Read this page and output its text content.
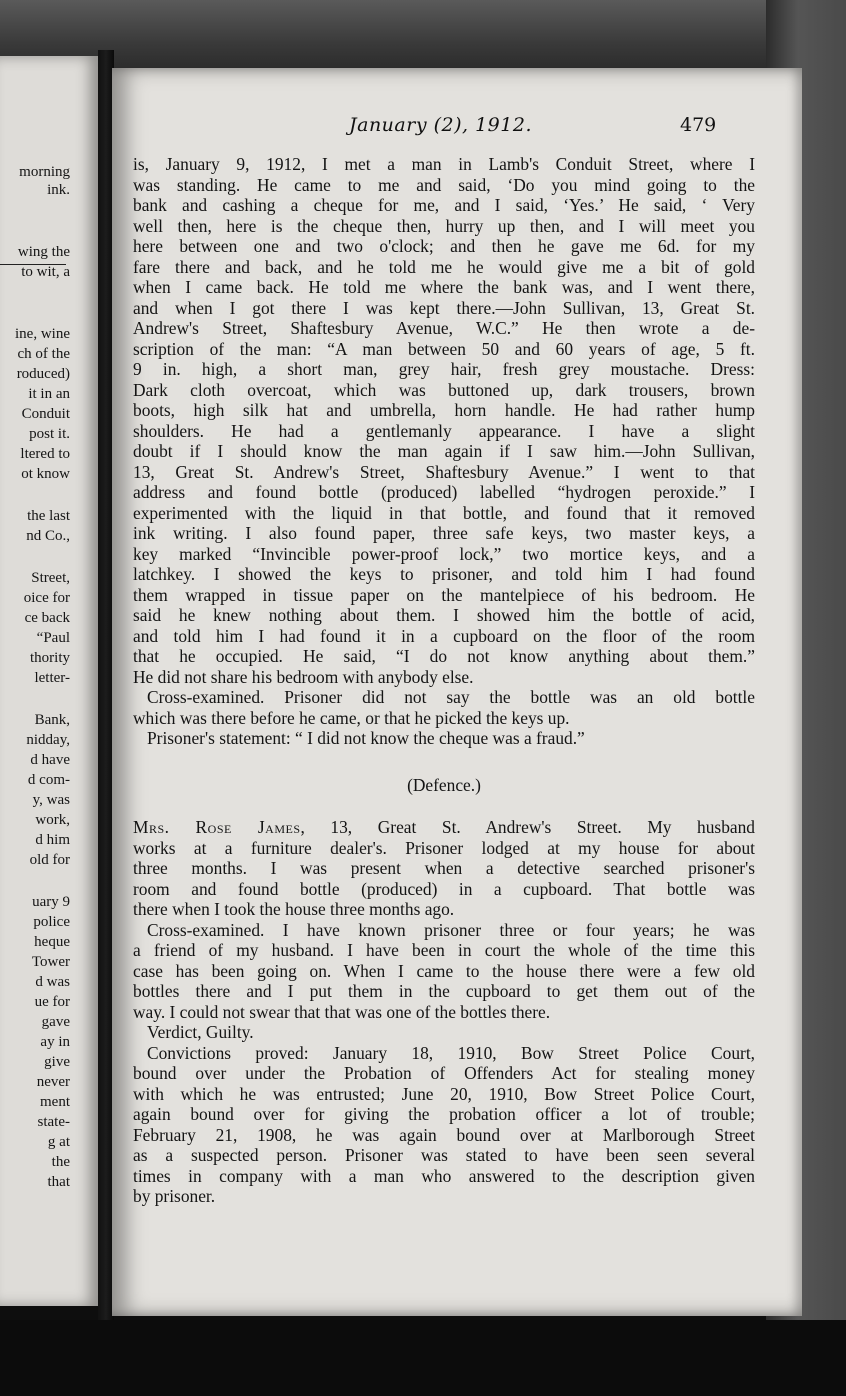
morning
ink.
wing the
to wit, a
ine, wine
ch of the
roduced)
it in an
Conduit
post it.
ltered to
ot know
the last
nd Co.,
Street,
oice for
ce back
“Paul
thority
letter-
Bank,
nidday,
d have
d com-
y, was
work,
d him
old for
uary 9
police
heque
Tower
d was
ue for
gave
ay in
give
never
ment
state-
g at
the
that
January (2), 1912.	479
is, January 9, 1912, I met a man in Lamb's Conduit Street, where I
was standing. He came to me and said, ‘Do you mind going to the
bank and cashing a cheque for me, and I said, ‘Yes.’ He said, ‘ Very
well then, here is the cheque then, hurry up then, and I will meet you
here between one and two o'clock; and then he gave me 6d. for my
fare there and back, and he told me he would give me a bit of gold
when I came back. He told me where the bank was, and I went there,
and when I got there I was kept there.—John Sullivan, 13, Great St.
Andrew's Street, Shaftesbury Avenue, W.C.” He then wrote a de-
scription of the man: “A man between 50 and 60 years of age, 5 ft.
9 in. high, a short man, grey hair, fresh grey moustache. Dress:
Dark cloth overcoat, which was buttoned up, dark trousers, brown
boots, high silk hat and umbrella, horn handle. He had rather hump
shoulders. He had a gentlemanly appearance. I have a slight
doubt if I should know the man again if I saw him.—John Sullivan,
13, Great St. Andrew's Street, Shaftesbury Avenue.” I went to that
address and found bottle (produced) labelled “hydrogen peroxide.” I
experimented with the liquid in that bottle, and found that it removed
ink writing. I also found paper, three safe keys, two master keys, a
key marked “Invincible power-proof lock,” two mortice keys, and a
latchkey. I showed the keys to prisoner, and told him I had found
them wrapped in tissue paper on the mantelpiece of his bedroom. He
said he knew nothing about them. I showed him the bottle of acid,
and told him I had found it in a cupboard on the floor of the room
that he occupied. He said, “I do not know anything about them.”
He did not share his bedroom with anybody else.
Cross-examined. Prisoner did not say the bottle was an old bottle
which was there before he came, or that he picked the keys up.
Prisoner's statement: “ I did not know the cheque was a fraud.”
(Defence.)
Mrs. Rose James, 13, Great St. Andrew's Street. My husband
works at a furniture dealer's. Prisoner lodged at my house for about
three months. I was present when a detective searched prisoner's
room and found bottle (produced) in a cupboard. That bottle was
there when I took the house three months ago.
Cross-examined. I have known prisoner three or four years; he was
a friend of my husband. I have been in court the whole of the time this
case has been going on. When I came to the house there were a few old
bottles there and I put them in the cupboard to get them out of the
way. I could not swear that that was one of the bottles there.
Verdict, Guilty.
Convictions proved: January 18, 1910, Bow Street Police Court,
bound over under the Probation of Offenders Act for stealing money
with which he was entrusted; June 20, 1910, Bow Street Police Court,
again bound over for giving the probation officer a lot of trouble;
February 21, 1908, he was again bound over at Marlborough Street
as a suspected person. Prisoner was stated to have been seen several
times in company with a man who answered to the description given
by prisoner.
